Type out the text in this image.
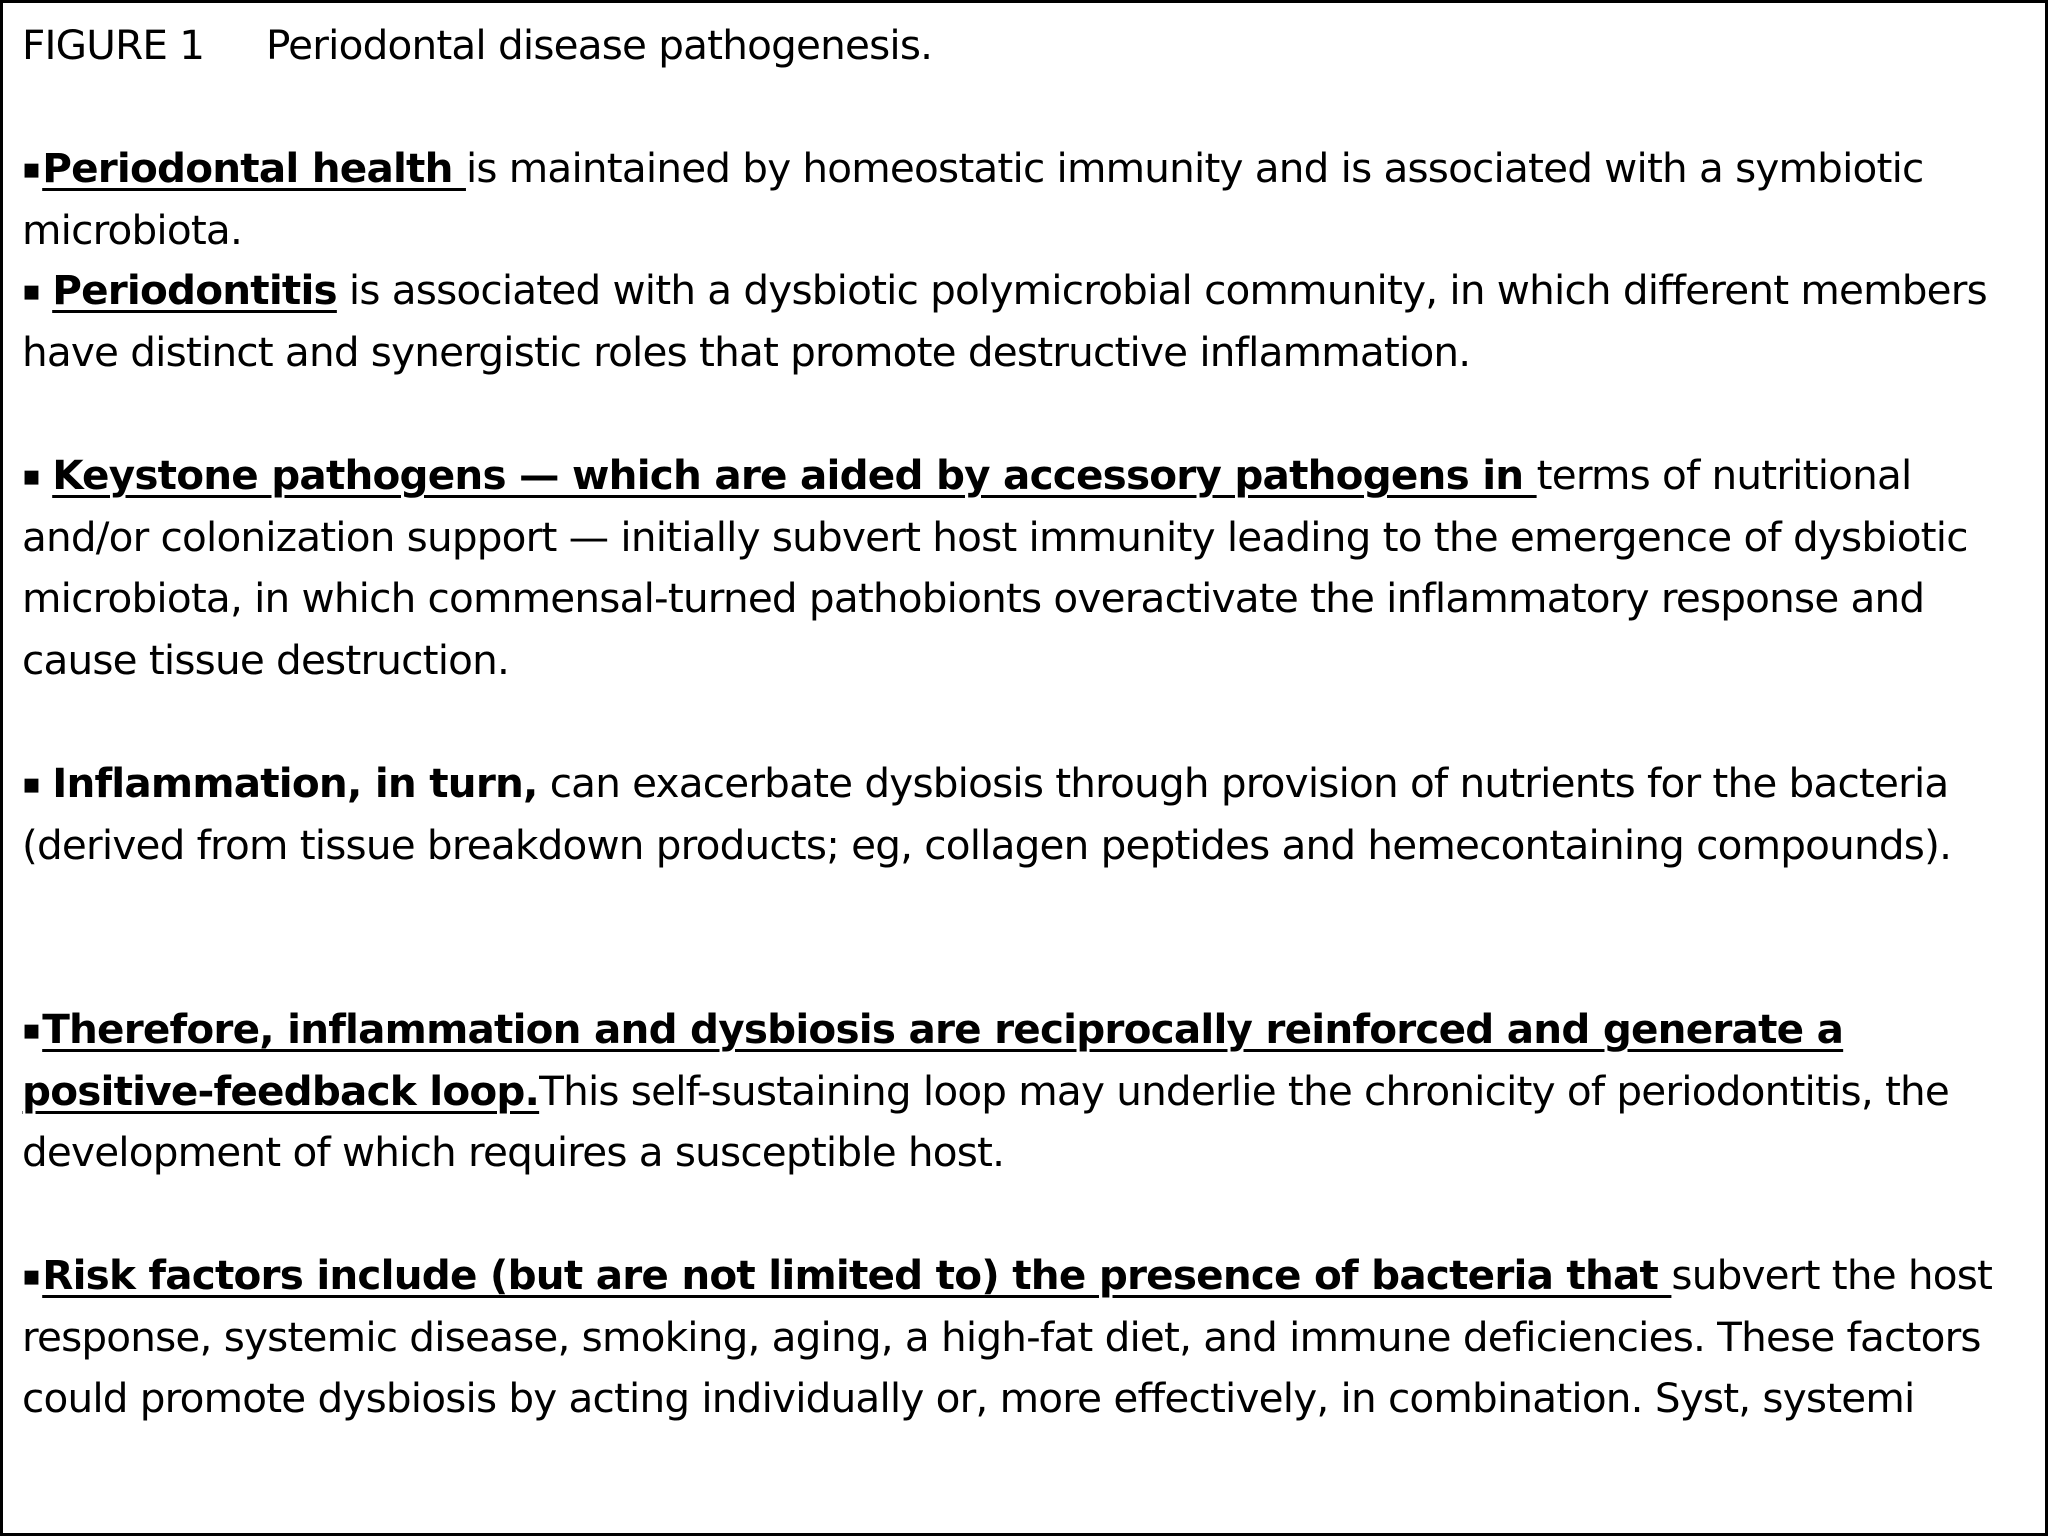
FIGURE 1 Periodontal disease pathogenesis.
▪Periodontal health is maintained by homeostatic immunity and is associated with a symbiotic microbiota.
▪ Periodontitis is associated with a dysbiotic polymicrobial community, in which different members have distinct and synergistic roles that promote destructive inflammation.
▪ Keystone pathogens — which are aided by accessory pathogens in terms of nutritional and/or colonization support — initially subvert host immunity leading to the emergence of dysbiotic microbiota, in which commensal-turned pathobionts overactivate the inflammatory response and cause tissue destruction.
▪ Inflammation, in turn, can exacerbate dysbiosis through provision of nutrients for the bacteria (derived from tissue breakdown products; eg, collagen peptides and hemecontaining compounds).
▪Therefore, inflammation and dysbiosis are reciprocally reinforced and generate a positive-feedback loop.This self-sustaining loop may underlie the chronicity of periodontitis, the development of which requires a susceptible host.
▪Risk factors include (but are not limited to) the presence of bacteria that subvert the host response, systemic disease, smoking, aging, a high-fat diet, and immune deficiencies. These factors could promote dysbiosis by acting individually or, more effectively, in combination. Syst, systemi
